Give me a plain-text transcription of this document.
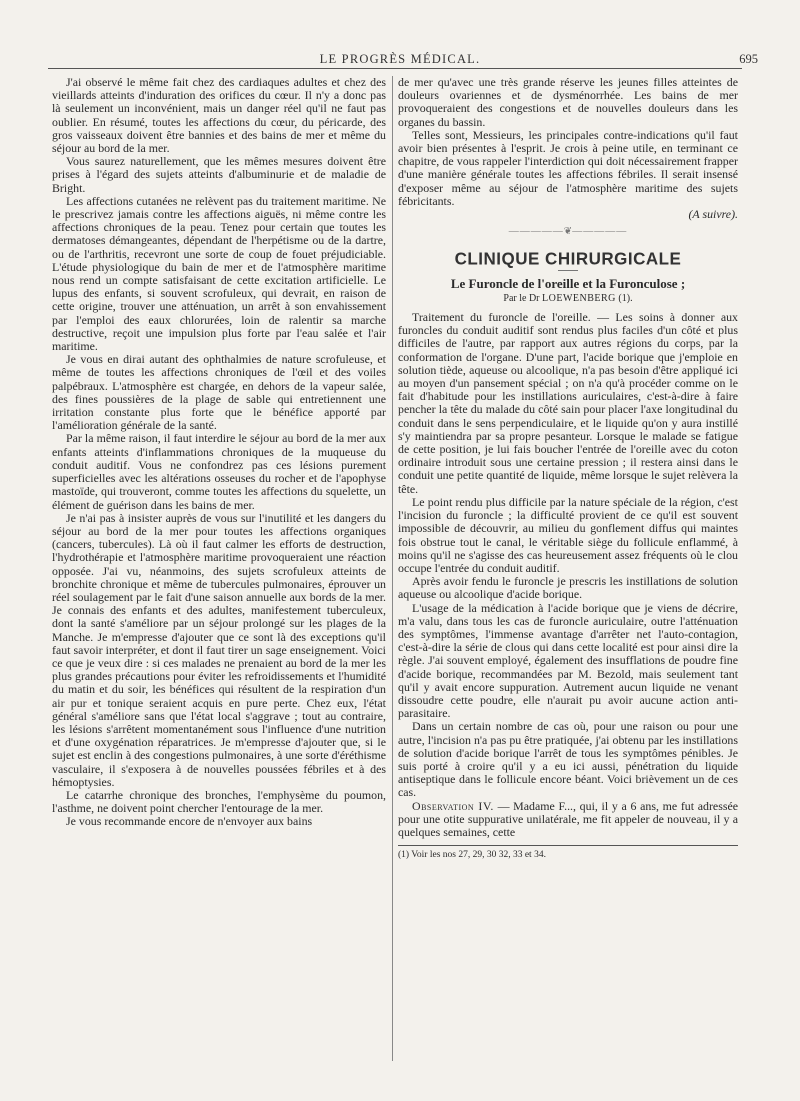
LE PROGRÈS MÉDICAL.	695

J'ai observé le même fait chez des cardiaques adultes et chez des vieillards atteints d'induration des orifices du cœur. Il n'y a donc pas là seulement un inconvénient, mais un danger réel qu'il ne faut pas oublier. En résumé, toutes les affections du cœur, du péricarde, des gros vaisseaux doivent être bannies et des bains de mer et même du séjour au bord de la mer.

Vous saurez naturellement, que les mêmes mesures doivent être prises à l'égard des sujets atteints d'albuminurie et de maladie de Bright.

Les affections cutanées ne relèvent pas du traitement maritime. Ne le prescrivez jamais contre les affections aiguës, ni même contre les affections chroniques de la peau. Tenez pour certain que toutes les dermatoses démangeantes, dépendant de l'herpétisme ou de la dartre, ou de l'arthritis, recevront une sorte de coup de fouet préjudiciable. L'étude physiologique du bain de mer et de l'atmosphère maritime nous rend un compte satisfaisant de cette excitation artificielle. Le lupus des enfants, si souvent scrofuleux, qui devrait, en raison de cette origine, trouver une atténuation, un arrêt à son envahissement par l'emploi des eaux chlorurées, loin de ralentir sa marche destructive, reçoit une impulsion plus forte par l'eau salée et l'air maritime.

Je vous en dirai autant des ophthalmies de nature scrofuleuse, et même de toutes les affections chroniques de l'œil et des voiles palpébraux. L'atmosphère est chargée, en dehors de la vapeur salée, des fines poussières de la plage de sable qui entretiennent une irritation constante plus forte que le bénéfice apporté par l'amélioration générale de la santé.

Par la même raison, il faut interdire le séjour au bord de la mer aux enfants atteints d'inflammations chroniques de la muqueuse du conduit auditif. Vous ne confondrez pas ces lésions purement superficielles avec les altérations osseuses du rocher et de l'apophyse mastoïde, qui trouveront, comme toutes les affections du squelette, un élément de guérison dans les bains de mer.

Je n'ai pas à insister auprès de vous sur l'inutilité et les dangers du séjour au bord de la mer pour toutes les affections organiques (cancers, tubercules). Là où il faut calmer les efforts de destruction, l'hydrothérapie et l'atmosphère maritime provoqueraient une réaction opposée. J'ai vu, néanmoins, des sujets scrofuleux atteints de bronchite chronique et même de tubercules pulmonaires, éprouver un réel soulagement par le fait d'une saison annuelle aux bords de la mer. Je connais des enfants et des adultes, manifestement tuberculeux, dont la santé s'améliore par un séjour prolongé sur les plages de la Manche. Je m'empresse d'ajouter que ce sont là des exceptions qu'il faut savoir interpréter, et dont il faut tirer un sage enseignement. Voici ce que je veux dire : si ces malades ne prenaient au bord de la mer les plus grandes précautions pour éviter les refroidissements et l'humidité du matin et du soir, les bénéfices qui résultent de la respiration d'un air pur et tonique seraient acquis en pure perte. Chez eux, l'état général s'améliore sans que l'état local s'aggrave ; tout au contraire, les lésions s'arrêtent momentanément sous l'influence d'une nutrition et d'une oxygénation réparatrices. Je m'empresse d'ajouter que, si le sujet est enclin à des congestions pulmonaires, à une sorte d'éréthisme vasculaire, il s'exposera à de nouvelles poussées fébriles et à des hémoptysies.

Le catarrhe chronique des bronches, l'emphysème du poumon, l'asthme, ne doivent point chercher l'entourage de la mer.

Je vous recommande encore de n'envoyer aux bains

de mer qu'avec une très grande réserve les jeunes filles atteintes de douleurs ovariennes et de dysménorrhée. Les bains de mer provoqueraient des congestions et de nouvelles douleurs dans les organes du bassin.

Telles sont, Messieurs, les principales contre-indications qu'il faut avoir bien présentes à l'esprit. Je crois à peine utile, en terminant ce chapitre, de vous rappeler l'interdiction qui doit nécessairement frapper d'une manière générale toutes les affections fébriles. Il serait insensé d'exposer même au séjour de l'atmosphère maritime des sujets fébricitants.

(A suivre).

—————❦—————
CLINIQUE CHIRURGICALE
Le Furoncle de l'oreille et la Furonculose ;
Par le Dr LOEWENBERG (1).

Traitement du furoncle de l'oreille. — Les soins à donner aux furoncles du conduit auditif sont rendus plus faciles d'un côté et plus difficiles de l'autre, par rapport aux autres régions du corps, par la conformation de l'organe. D'une part, l'acide borique que j'emploie en solution tiède, aqueuse ou alcoolique, n'a pas besoin d'être appliqué ici au moyen d'un pansement spécial ; on n'a qu'à procéder comme on le fait d'habitude pour les instillations auriculaires, c'est-à-dire à faire pencher la tête du malade du côté sain pour placer l'axe longitudinal du conduit dans le sens perpendiculaire, et le liquide qu'on y aura instillé s'y maintiendra par sa propre pesanteur. Lorsque le malade se fatigue de cette position, je lui fais boucher l'entrée de l'oreille avec du coton ordinaire introduit sous une certaine pression ; il restera ainsi dans le conduit une petite quantité de liquide, même lorsque le sujet relèvera la tête.

Le point rendu plus difficile par la nature spéciale de la région, c'est l'incision du furoncle ; la difficulté provient de ce qu'il est souvent impossible de découvrir, au milieu du gonflement diffus qui maintes fois obstrue tout le canal, le véritable siège du follicule enflammé, à moins qu'il ne s'agisse des cas heureusement assez fréquents où le clou occupe l'entrée du conduit auditif.

Après avoir fendu le furoncle je prescris les instillations de solution aqueuse ou alcoolique d'acide borique.

L'usage de la médication à l'acide borique que je viens de décrire, m'a valu, dans tous les cas de furoncle auriculaire, outre l'atténuation des symptômes, l'immense avantage d'arrêter net l'auto-contagion, c'est-à-dire la série de clous qui dans cette localité est pour ainsi dire la règle. J'ai souvent employé, également des insufflations de poudre fine d'acide borique, recommandées par M. Bezold, mais seulement tant qu'il y avait encore suppuration. Autrement aucun liquide ne venant dissoudre cette poudre, elle n'aurait pu avoir aucune action anti-parasitaire.

Dans un certain nombre de cas où, pour une raison ou pour une autre, l'incision n'a pas pu être pratiquée, j'ai obtenu par les instillations de solution d'acide borique l'arrêt de tous les symptômes pénibles. Je suis porté à croire qu'il y a eu ici aussi, pénétration du liquide antiseptique dans le follicule encore béant. Voici brièvement un de ces cas.

Observation IV. — Madame F..., qui, il y a 6 ans, me fut adressée pour une otite suppurative unilatérale, me fit appeler de nouveau, il y a quelques semaines, cette

(1) Voir les nos 27, 29, 30 32, 33 et 34.
